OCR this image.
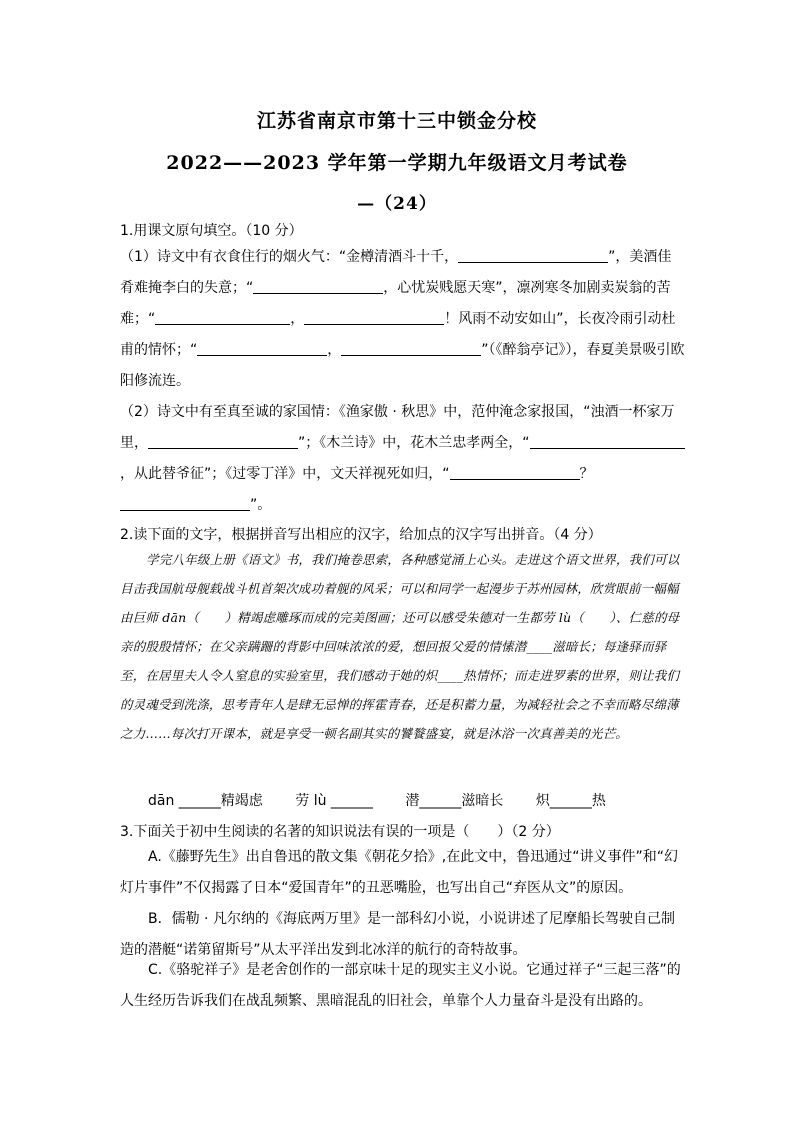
江苏省南京市第十三中锁金分校
2022——2023 学年第一学期九年级语文月考试卷
—（24）
1.用课文原句填空。（10 分）
（1）诗文中有衣食住行的烟火气：“金樽清酒斗十千，	”，美酒佳肴难掩李白的失意；“	，心忧炭贱愿天寒”，凛冽寒冬加剧卖炭翁的苦难；“	，	！风雨不动安如山”，长夜冷雨引动杜甫的情怀；“	，	”（《醉翁亭记》），春夏美景吸引欧阳修流连。
（2）诗文中有至真至诚的家国情：《渔家傲 · 秋思》中，范仲淹念家报国，“浊酒一杯家万里，	”；《木兰诗》中，花木兰忠孝两全，“，从此替爷征”；《过零丁洋》中，文天祥视死如归，“	？”。
2.读下面的文字，根据拼音写出相应的汉字，给加点的汉字写出拼音。（4 分）
学完八年级上册《语文》书，我们掩卷思索，各种感觉涌上心头。走进这个语文世界，我们可以目击我国航母舰载战斗机首架次成功着舰的风采；可以和同学一起漫步于苏州园林，欣赏眼前一幅幅由巨师 dān（　　）精竭虑雕琢而成的完美图画；还可以感受朱德对一生都劳 lù（　　）、仁慈的母亲的殷殷情怀；在父亲蹒跚的背影中回味浓浓的爱，想回报父爱的情愫潜____滋暗长；每逢驿而驿至，在居里夫人令人窒息的实验室里，我们感动于她的炽____热情怀；而走进罗素的世界，则让我们的灵魂受到洗涤，思考青年人是肆无忌惮的挥霍青春，还是积蓄力量，为减轻社会之不幸而略尽绵薄之力……每次打开课本，就是享受一顿名副其实的饕餮盛宴，就是沐浴一次真善美的光芒。
dān ______精竭虑 劳 lù ______ 潜______滋暗长 炽______热
3.下面关于初中生阅读的名著的知识说法有误的一项是（　　）（2 分）
A.《藤野先生》出自鲁迅的散文集《朝花夕拾》,在此文中，鲁迅通过“讲义事件”和“幻灯片事件”不仅揭露了日本“爱国青年”的丑恶嘴脸，也写出自己“弃医从文”的原因。
B．儒勒 · 凡尔纳的《海底两万里》是一部科幻小说，小说讲述了尼摩船长驾驶自己制造的潜艇“诺第留斯号”从太平洋出发到北冰洋的航行的奇特故事。
C.《骆驼祥子》是老舍创作的一部京味十足的现实主义小说。它通过祥子“三起三落”的人生经历告诉我们在战乱频繁、黑暗混乱的旧社会，单靠个人力量奋斗是没有出路的。
